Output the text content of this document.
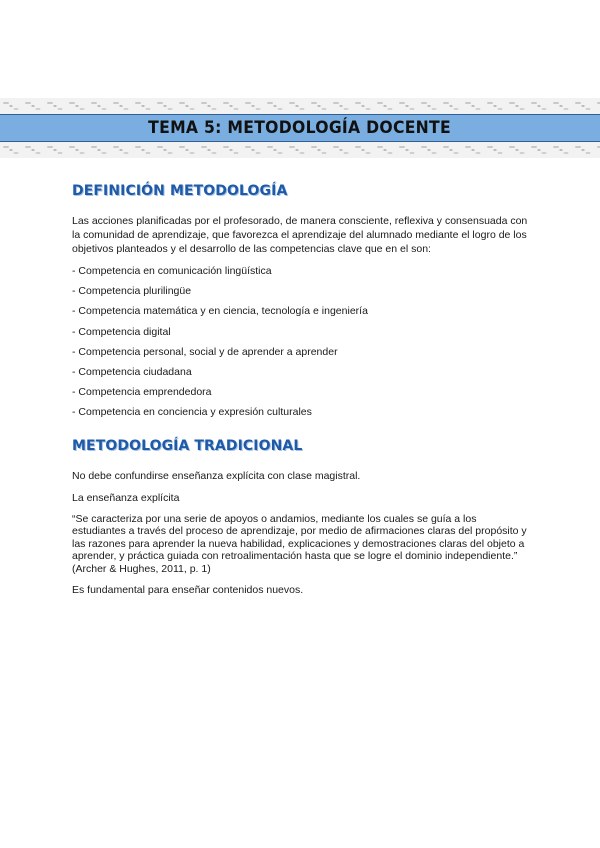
TEMA 5: METODOLOGÍA DOCENTE
DEFINICIÓN METODOLOGÍA

Las acciones planificadas por el profesorado, de manera consciente, reflexiva y consensuada con la comunidad de aprendizaje, que favorezca el aprendizaje del alumnado mediante el logro de los objetivos planteados y el desarrollo de las competencias clave que en el son:

- Competencia en comunicación lingüística
- Competencia plurilingüe
- Competencia matemática y en ciencia, tecnología e ingeniería
- Competencia digital
- Competencia personal, social y de aprender a aprender
- Competencia ciudadana
- Competencia emprendedora
- Competencia en conciencia y expresión culturales
METODOLOGÍA TRADICIONAL

No debe confundirse enseñanza explícita con clase magistral.

La enseñanza explícita

“Se caracteriza por una serie de apoyos o andamios, mediante los cuales se guía a los estudiantes a través del proceso de aprendizaje, por medio de afirmaciones claras del propósito y las razones para aprender la nueva habilidad, explicaciones y demostraciones claras del objeto a aprender, y práctica guiada con retroalimentación hasta que se logre el dominio independiente.” (Archer & Hughes, 2011, p. 1)

Es fundamental para enseñar contenidos nuevos.
